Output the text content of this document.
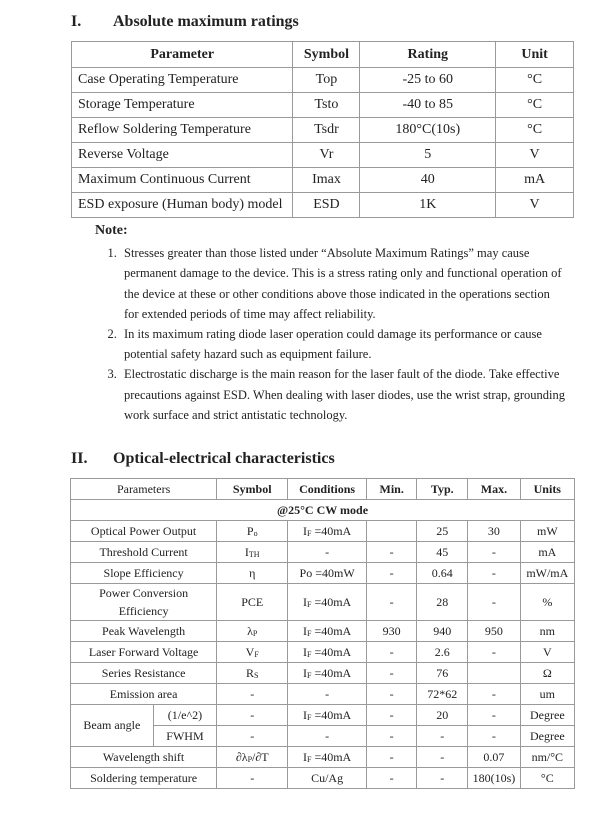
I. Absolute maximum ratings
Parameter	Symbol	Rating	Unit
Case Operating Temperature	Top	-25 to 60	°C
Storage Temperature	Tsto	-40 to 85	°C
Reflow Soldering Temperature	Tsdr	180°C(10s)	°C
Reverse Voltage	Vr	5	V
Maximum Continuous Current	Imax	40	mA
ESD exposure (Human body) model	ESD	1K	V
Note:
1. Stresses greater than those listed under “Absolute Maximum Ratings” may cause permanent damage to the device. This is a stress rating only and functional operation of the device at these or other conditions above those indicated in the operations section for extended periods of time may affect reliability.
2. In its maximum rating diode laser operation could damage its performance or cause potential safety hazard such as equipment failure.
3. Electrostatic discharge is the main reason for the laser fault of the diode. Take effective precautions against ESD. When dealing with laser diodes, use the wrist strap, grounding work surface and strict antistatic technology.
II. Optical-electrical characteristics
Parameters		Symbol	Conditions	Min.	Typ.	Max.	Units
@25°C CW mode							
Optical Power Output		$P_o$	$I_F =40mA$		25	30	mW
Threshold Current		$I_{TH}$	-	-	45	-	mA
Slope Efficiency		η	Po =40mW	-	0.64	-	mW/mA
Power Conversion
Efficiency		PCE	$I_F =40mA$	-	28	-	%
Peak Wavelength		$\lambda_P$	$I_F =40mA$	930	940	950	nm
Laser Forward Voltage		$V_F$	$I_F =40mA$	-	2.6	-	V
Series Resistance		$R_S$	$I_F =40mA$	-	76		Ω
Emission area		-	-	-	72*62	-	um
Beam angle	(1/e^2)	-	$I_F =40mA$	-	20	-	Degree
	FWHM	-	-	-	-	-	Degree
Wavelength shift		$\partial\lambda_P/\partial T$	$I_F =40mA$	-	-	0.07	nm/°C
Soldering temperature		-	Cu/Ag	-	-	180(10s)	°C
